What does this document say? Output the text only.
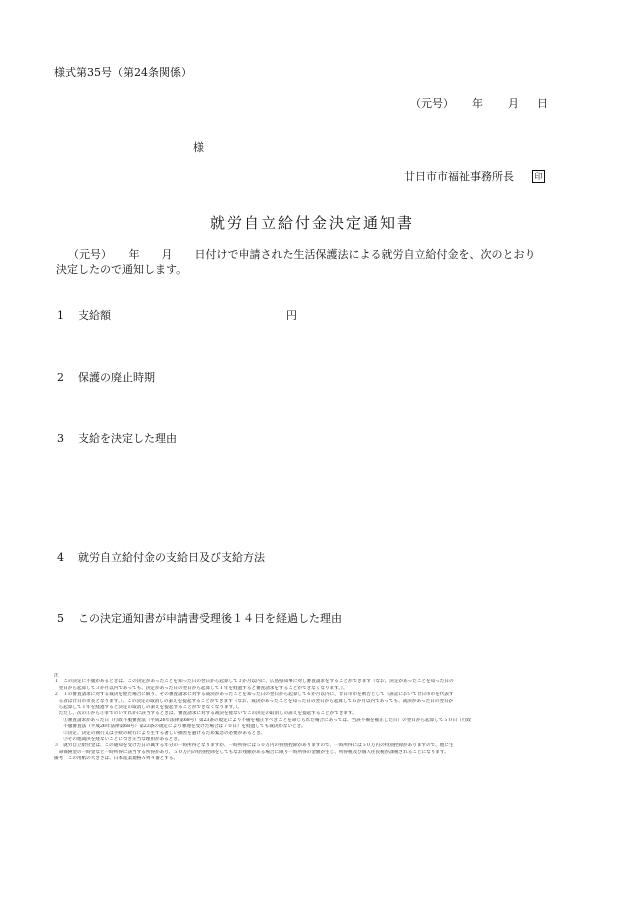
様式第35号（第24条関係）
（元号） 年 月 日
様
廿日市市福祉事務所長	印
就労自立給付金決定通知書
（元号）　　年　　月　　日付けで申請された生活保護法による就労自立給付金を、次のとおり
決定したので通知します。
1 支給額	円
2 保護の廃止時期
3 支給を決定した理由
4 就労自立給付金の支給日及び支給方法
5 この決定通知書が申請書受理後１４日を経過した理由
注
１　この決定に不服があるときは、この決定があったことを知った日の翌日から起算して３か月以内に、広島県知事に対し審査請求をすることができます（なお、決定があったことを知った日の
　翌日から起算して３か月以内であっても、決定があった日の翌日から起算して１年を経過すると審査請求をすることができなくなります。）。
２　１の審査請求に対する裁決を経た場合に限り、その審査請求に対する裁決があったことを知った日の翌日から起算して６か月以内に、廿日市市を被告として（訴訟において廿日市市を代表す
　る者は廿日市市長となります。）、この決定の取消しの訴えを提起することができます（なお、裁決があったことを知った日の翌日から起算して６か月以内であっても、裁決があった日の翌日か
　ら起算して１年を経過すると決定の取消しの訴えを提起することができなくなります。）。
　ただし、次の①から③までのいずれかに該当するときは、審査請求に対する裁決を経ないでこの決定の取消しの訴えを提起することができます。
　　①審査請求があった日（行政不服審査法（平成26年法律第68号）第23条の規定により不備を補正すべきことを命じられた場合にあっては、当該不備を補正した日）の翌日から起算して５０日（行政
　　不服審査法（平成26年法律第68号）第23条の規定により審理を受けた場合は７０日）を経過しても裁決がないとき。
　　②決定、決定の執行又は手続の続行により生ずる著しい損害を避けるため緊急の必要があるとき。
　　③その他裁決を経ないことにつき正当な理由があるとき。
３　就労自立給付金は、この通知を受けた日の属する年分の一時所得となりますが、一時所得には５０万円の特別控除がありますので、一時所得には５０万円の特別控除がありますので、他に生
　命保険金の一時金など一時所得に該当する所得があり、５０万円の特別控除をしてもなお残額がある場合に限り一時所得の金額が生じ、所得税及び個人住民税が課税されることになります。
備考　この用紙の大きさは、日本産業規格Ａ列４番とする。
